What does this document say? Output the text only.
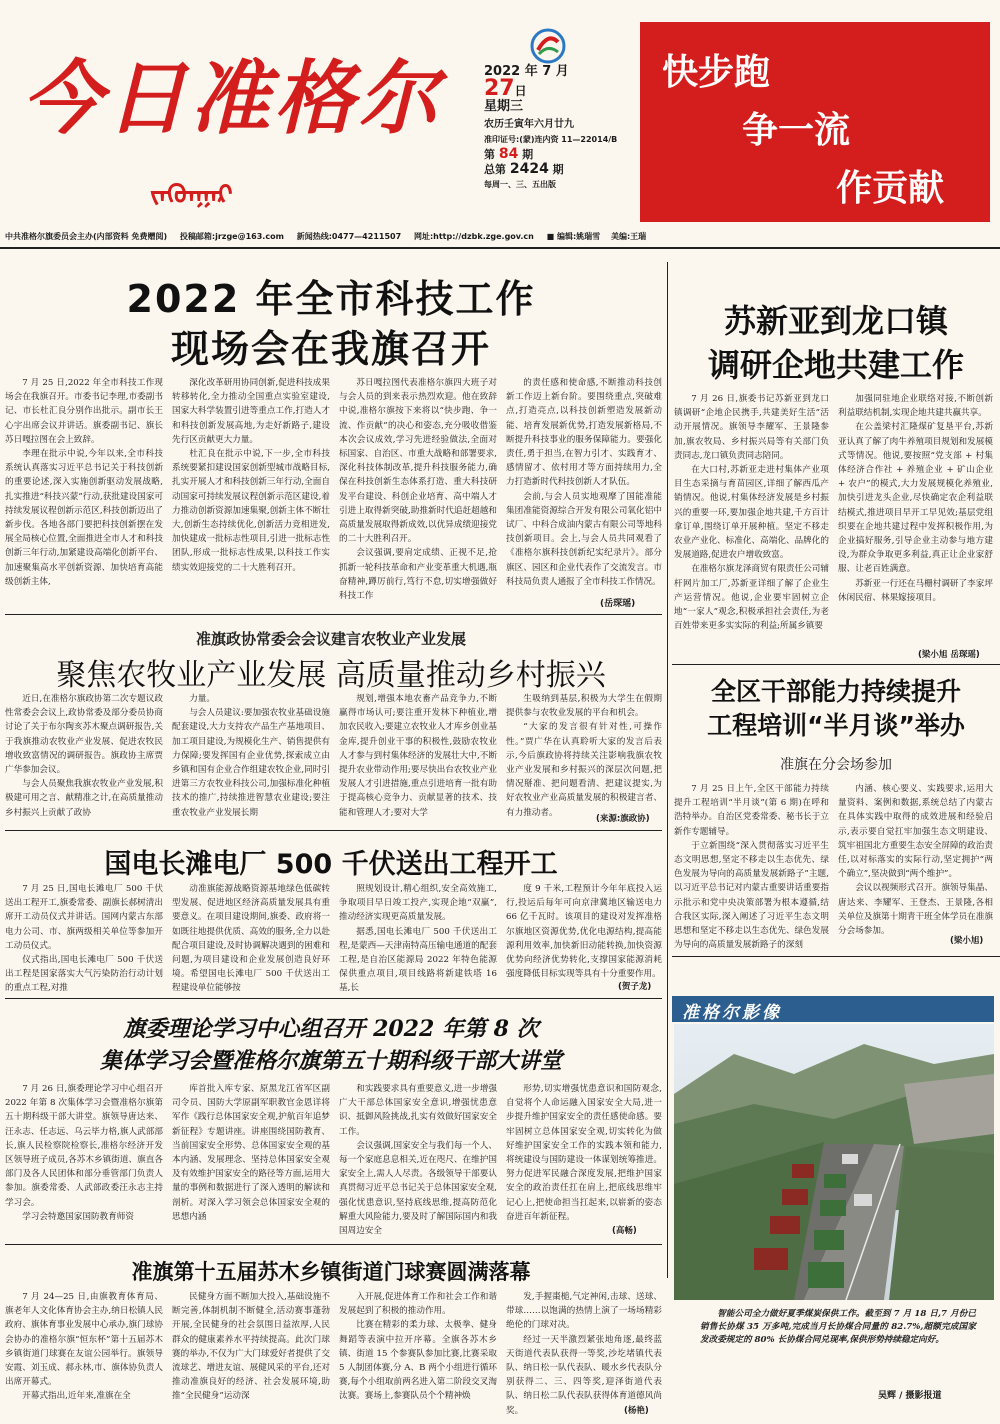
今日准格尔
ᠵᠡᠭᠦᠨᠭᠠᠷ
2022 年 7 月
27日
星期三
农历壬寅年六月廿九
准印证号:(蒙)连内资 11—22014/B
第 84 期
总第 2424 期
每周一、三、五出版
快步跑
争一流
作贡献
中共准格尔旗委员会主办(内部资料 免费赠阅) 投稿邮箱:jrzge@163.com 新闻热线:0477—4211507 网址:http://dzbk.zge.gov.cn ■ 编辑:姚瑞雪 美编:王瑞
2022 年全市科技工作
现场会在我旗召开

7 月 25 日,2022 年全市科技工作现场会在我旗召开。市委书记李理,市委副书记、市长杜汇良分别作出批示。副市长王心宇出席会议并讲话。旗委副书记、旗长苏日嘎拉图在会上致辞。

李理在批示中说,今年以来,全市科技系统认真落实习近平总书记关于科技创新的重要论述,深入实施创新驱动发展战略,扎实推进“科技兴蒙”行动,获批建设国家可持续发展议程创新示范区,科技创新迈出了新步伐。各地各部门要把科技创新摆在发展全局核心位置,全面推进全市人才和科技创新三年行动,加紧建设高端化创新平台、加速聚集高水平创新资源、加快培育高能级创新主体,

深化改革研用协同创新,促进科技成果转移转化,全力推动全国重点实验室建设,国家大科学装置引进等重点工作,打造人才和科技创新发展高地,为走好新路子,建设先行区贡献更大力量。

杜汇良在批示中说,下一步,全市科技系统要紧扣建设国家创新型城市战略目标,扎实开展人才和科技创新三年行动,全面自动国家可持续发展议程创新示范区建设,着力推动创新资源加速集聚,创新主体不断壮大,创新生态持续优化,创新活力竞相迸发,加快建成一批标志性项目,引进一批标志性团队,形成一批标志性成果,以科技工作实绩实效迎接党的二十大胜利召开。

苏日嘎拉图代表准格尔旗四大班子对与会人员的到来表示热烈欢迎。他在致辞中说,准格尔旗按下来将以“快步跑、争一流、作贡献”的决心和姿态,充分吸收借鉴本次会议成效,学习先进经验做法,全面对标国家、自治区、市重大战略和部署要求,深化科技体制改革,提升科技服务能力,确保在科技创新生态体系打造、重大科技研发平台建设、科创企业培育、高中端人才引进上取得新突破,助推新时代追赶超越和高质量发展取得新成效,以优异成绩迎接党的二十大胜利召开。

会议强调,要肩定成绩、正视不足,抢抓新一轮科技革命和产业变革重大机遇,瓶奋精神,蹲厉前行,笃行不怠,切实增强做好科技工作

的责任感和使命感,不断推动科技创新工作迈上新台阶。要围绕重点,突破难点,打造亮点,以科技创新塑造发展新动能、培育发展新优势,打造发展新格局,不断提升科技事业的服务保障能力。要强化责任,勇于担当,在智力引才、实践育才、感情留才、依村用才等方面持续用力,全力打造新时代科技创新人才队伍。

会前,与会人员实地观摩了国能准能集团准能资源综合开发有限公司氧化铝中试厂、中科合成油内蒙古有限公司等地科技创新项目。会上,与会人员共同观看了《准格尔旗科技创新纪实纪录片》。部分旗区、园区和企业代表作了交流发言。市科技局负责人通报了全市科技工作情况。

(岳琛瑶)
苏新亚到龙口镇
调研企地共建工作

7 月 26 日,旗委书记苏新亚到龙口镇调研“企地企民携手,共建美好生活”活动开展情况。旗领导李耀军、王景隆参加,旗农牧局、乡村振兴局等有关部门负责同志,龙口镇负责同志陪同。

在大口村,苏新亚走进村集体产业项目生态采摘与育苗园区,详细了解西瓜产销情况。他说,村集体经济发展是乡村振兴的重要一环,要加强企地共建,千方百计拿订单,围绕订单开展种植。坚定不移走农业产业化、标准化、高端化、品牌化的发展道路,促进农户增收致富。

在准格尔旗龙泽商贸有限责任公司辅杆网片加工厂,苏新亚详细了解了企业生产运营情况。他说,企业要牢固树立企地“一家人”观念,积极承担社会责任,为老百姓带来更多实实际的利益;所属乡镇要

加强同驻地企业联络对接,不断创新利益联结机制,实现企地共建共赢共享。

在公盖梁村汇隆煤矿复垦平台,苏新亚认真了解了肉牛养殖项目规划和发展模式等情况。他说,要按照“党支部 + 村集体经济合作社 + 养殖企业 + 矿山企业 + 农户”的模式,大力发展规模化养殖业,加快引进龙头企业,尽快确定农企利益联结模式,推进项目早开工早见效;基层党组织要在企地共建过程中发挥积极作用,为企业搞好服务,引导企业主动参与地方建设,为群众争取更多利益,真正让企业家舒服、让老百姓满意。

苏新亚一行还在马栅村调研了李家坪休闲民宿、林果嫁接项目。

(梁小旭 岳琛瑶)
准旗政协常委会会议建言农牧业产业发展
聚焦农牧业产业发展 高质量推动乡村振兴

近日,在准格尔旗政协第二次专题议政性常委会会议上,政协常委及部分委员协商讨论了关于布尔陶亥苏木聚点调研报告,关于我旗推动农牧业产业发展、促进农牧民增收致富情况的调研报告。旗政协主席贾广华参加会议。

与会人员聚焦我旗农牧业产业发展,积极建可用之言、献精准之计,在高质量推动乡村振兴上贡献了政协

力量。

与会人员建议:要加强农牧业基础设施配套建设,大力支持农产品生产基地项目、加工项目建设,为规模化生产、销售提供有力保障;要发挥国有企业优势,探索成立由乡镇和国有企业合作组建农牧企业,同时引进第三方农牧业科技公司,加强标准化种植技术的推广,持续推进智慧农业建设;要注重农牧业产业发展长期

规划,增强本地农畜产品竞争力,不断赢得市场认可;要注重开发林下种植业,增加农民收入;要建立农牧业人才库乡创业基金库,提升创业干事的积极性,鼓励农牧业人才参与到村集体经济的发展壮大中,不断提升农业带动作用;要尽快出台农牧业产业发展人才引进措施,重点引进培育一批有助于提高核心竞争力、贡献显著的技术、技能和管理人才;要对大学

生吸纳到基层,积极为大学生在假期提供参与农牧业发展的平台和机会。

“大家的发言很有针对性,可操作性。”贾广华在认真聆听大家的发言后表示,今后旗政协将持续关注影响我旗农牧业产业发展和乡村振兴的深层次问题,把情况掰准、把问题看清、把建议提实,为好农牧业产业高质量发展的积极建言者、有力推动者。

(来源:旗政协)
全区干部能力持续提升
工程培训“半月谈”举办
准旗在分会场参加

7 月 25 日上午,全区干部能力持续提升工程培训“半月谈”(第 6 期)在呼和浩特举办。自治区党委常委、秘书长于立新作专题辅导。

于立新围绕“深入贯彻落实习近平生态文明思想,坚定不移走以生态优先、绿色发展为导向的高质量发展新路子”主题,以习近平总书记对内蒙古重要讲话重要指示批示和党中央决策部署为根本遵循,结合我区实际,深入阐述了习近平生态文明思想和坚定不移走以生态优先、绿色发展为导向的高质量发展新路子的深刻

内涵、核心要义、实践要求,运用大量资料、案例和数据,系统总结了内蒙古在具体实践中取得的成效进展和经验启示,表示要自觉扛牢加强生态文明建设、筑牢祖国北方重要生态安全屏障的政治责任,以对标落实的实际行动,坚定拥护“两个确立”,坚决做到“两个维护”。

会议以视频形式召开。旗领导集晶、唐达来、李耀军、王登杰、王景隆,各相关单位及旗第十期青干班全体学员在准旗分会场参加。

(梁小旭)
国电长滩电厂 500 千伏送出工程开工

7 月 25 日,国电长滩电厂 500 千伏送出工程开工,旗委常委、副旗长郝树清出席开工动员仪式并讲话。国网内蒙古东部电力公司、市、旗两级相关单位等参加开工动员仪式。

仪式指出,国电长滩电厂 500 千伏送出工程是国家落实大气污染防治行动计划的重点工程,对推

动准旗能源战略资源基地绿色低碳转型发展、促进地区经济高质量发展具有重要意义。在项目建设期间,旗委、政府将一如既往地提供优质、高效的服务,全力以赴配合项目建设,及时协调解决遇到的困难和问题,为项目建设和企业发展创造良好环境。希望国电长滩电厂 500 千伏送出工程建设单位能够按

照规划设计,精心组织,安全高效施工,争取项目早日竣工投产,实现企地“双赢”,推动经济实现更高质量发展。

据悉,国电长滩电厂 500 千伏送出工程,是蒙西—天津南特高压输电通道的配套工程,是自治区能源局 2022 年特色能源保供重点项目,项目线路将新建铁塔 16 基,长

度 9 千米,工程预计今年年底投入运行,投运后每年可向京津冀地区输送电力 66 亿千瓦时。该项目的建设对发挥准格尔旗地区资源优势,优化电源结构,提高能源利用效率,加快新旧动能转换,加快资源优势向经济优势转化,支撑国家能源消耗强度降低目标实现等具有十分重要作用。

(贺子龙)
旗委理论学习中心组召开 2022 年第 8 次
集体学习会暨准格尔旗第五十期科级干部大讲堂

7 月 26 日,旗委理论学习中心组召开 2022 年第 8 次集体学习会暨准格尔旗第五十期科级干部大讲堂。旗领导唐达来、汪永志、任志远、乌云毕力格,旗人武部部长,旗人民检察院检察长,准格尔经济开发区领导班子成员,各苏木乡镇街道、旗直各部门及各人民团体和部分垂管部门负责人参加。旗委常委、人武部政委汪永志主持学习会。

学习会特邀国家国防教育师资

库首批入库专家、原黑龙江省军区副司令员、国防大学原副军职教官金恩详将军作《践行总体国家安全观,护航百年追梦新征程》专题讲座。讲座围绕国防教育、当前国家安全形势、总体国家安全观的基本内涵、发展理念、坚持总体国家安全观及有效维护国家安全的路径等方面,运用大量的事例和数据进行了深入透明的解读和剖析。对深入学习领会总体国家安全观的思想内涵

和实践要求具有重要意义,进一步增强广大干部总体国家安全意识,增强忧患意识、抵御风险挑战,扎实有效做好国家安全工作。

会议强调,国家安全与我们每一个人、每一个家庭息息相关,近在咫尺、在维护国家安全上,需人人尽责。各级领导干部要认真贯彻习近平总书记关于总体国家安全观,强化忧患意识,坚持底线思维,提高防范化解重大风险能力,要及时了解国际国内和我国周边安全

形势,切实增强忧患意识和国防观念,自觉将个人命运融入国家安全大局,进一步提升维护国家安全的责任感使命感。要牢固树立总体国家安全观,切实转化为做好维护国家安全工作的实践本领和能力,将统建设与国防建设一体谋划统筹推进。努力促进军民融合深度发展,把维护国家安全的政治责任扛在肩上,把底线思维牢记心上,把使命担当扛起来,以崭新的姿态奋进百年新征程。

(高畅)
准旗第十五届苏木乡镇街道门球赛圆满落幕

7 月 24—25 日,由旗教育体育局、旗老年人文化体育协会主办,纳日松镇人民政府、旗体育事业发展中心承办,旗门球协会协办的准格尔旗“恒东杯”第十五届苏木乡镇街道门球赛在友谊公园举行。旗领导安霞、刘玉成、郝永林,市、旗体协负责人出席开幕式。

开幕式指出,近年来,准旗在全

民健身方面不断加大投入,基础设施不断完善,体制机制不断健全,活动赛事蓬勃开展,全民健身的社会氛围日益浓厚,人民群众的健康素养水平持续提高。此次门球赛的举办,不仅为广大门球爱好者提供了交流球艺、增进友谊、展健风采的平台,还对推动准旗良好的经济、社会发展环境,助推“全民健身”运动深

入开展,促进体育工作和社会工作和谐发展起到了积极的推动作用。

比赛在精彩的柔力球、太极拳、健身舞蹈等表演中拉开序幕。全旗各苏木乡镇、街道 15 个参赛队参加比赛,比赛采取 5 人制团体赛,分 A、B 两个小组进行循环赛,每个小组取前两名进入第二阶段交叉淘汰赛。赛场上,参赛队员个个精神焕

发,手握棗槌,气定神闲,击球、送球、带球……以饱满的热情上演了一场场精彩绝伦的门球对决。

经过一天半激烈紧张地角逐,最终蓝天街道代表队获得一等奖,沙圪堵镇代表队、纳日松一队代表队、暖水乡代表队分别获得二、三、四等奖,迎泽街道代表队、纳日松二队代表队获得体育道德风尚奖。	(杨艳)
准格尔影像

智能公司全力做好夏季煤炭保供工作。截至到 7 月 18 日,7 月份已销售长协煤 35 万多吨,完成当月长协煤合同量的 82.7%,超额完成国家发改委规定的 80% 长协煤合同兑现率,保供形势持续稳定向好。

吴辉 / 摄影报道
